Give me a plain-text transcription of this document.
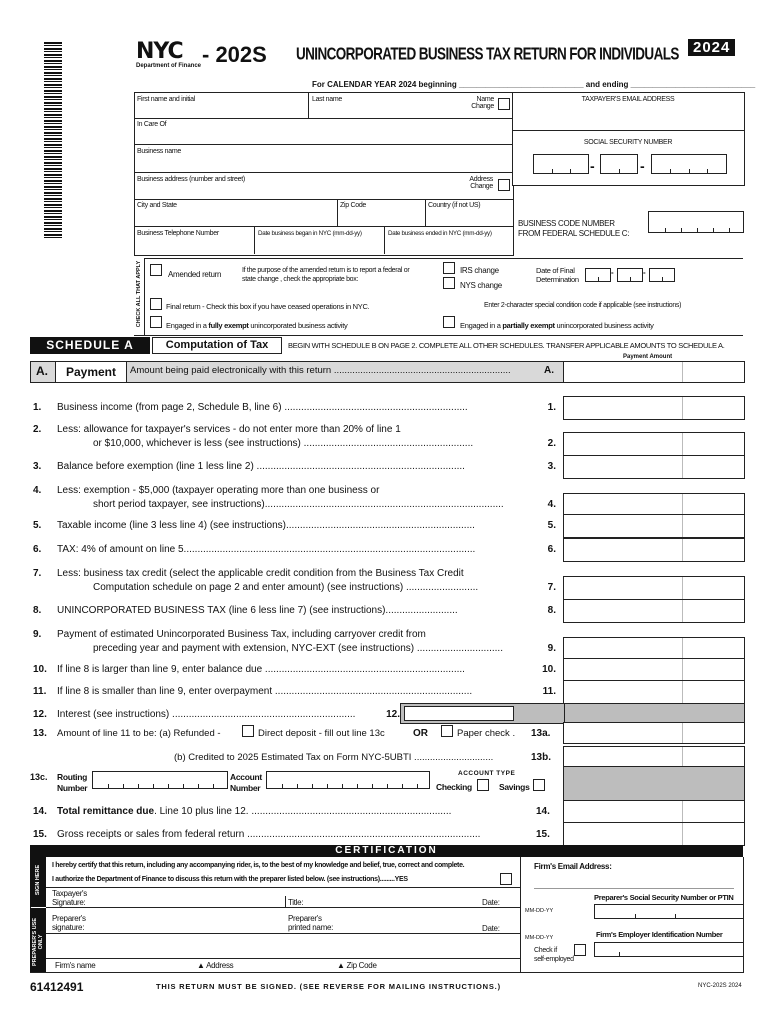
NYC
Department of Finance - 202S UNINCORPORATED BUSINESS TAX RETURN FOR INDIVIDUALS 2024
For CALENDAR YEAR 2024 beginning ____________________________ and ending ____________________________
First name and initial	Last name	Name
Change
In Care Of
Business name
Business address (number and street)	Address
Change
City and State	Zip Code	Country (if not US)
Business Telephone Number	Date business began in NYC (mm-dd-yy)	Date business ended in NYC (mm-dd-yy)
TAXPAYER'S EMAIL ADDRESS
SOCIAL SECURITY NUMBER
-	-
BUSINESS CODE NUMBER
FROM FEDERAL SCHEDULE C:
CHECK ALL THAT APPLY	Amended return	If the purpose of the amended return is to report a federal or state change , check the appropriate box:
IRS change
NYS change
Date of Final
Determination
-	-
Final return - Check this box if you have ceased operations in NYC.	Enter 2-character special condition code if applicable (see instructions)
Engaged in a fully exempt unincorporated business activity	Engaged in a partially exempt unincorporated business activity
SCHEDULE A	Computation of Tax	BEGIN WITH SCHEDULE B ON PAGE 2. COMPLETE ALL OTHER SCHEDULES. TRANSFER APPLICABLE AMOUNTS TO SCHEDULE A.
Payment Amount
A.	Payment	Amount being paid electronically with this return ...................................................................	A.
1. Business income (from page 2, Schedule B, line 6) ..................................................................	1.
2. Less: allowance for taxpayer's services - do not enter more than 20% of line 1
or $10,000, whichever is less (see instructions) .............................................................	2.
3. Balance before exemption (line 1 less line 2) ...........................................................................	3.
4. Less: exemption - $5,000 (taxpayer operating more than one business or
short period taxpayer, see instructions)......................................................................................	4.
5. Taxable income (line 3 less line 4) (see instructions)....................................................................	5.
6. TAX: 4% of amount on line 5.........................................................................................................	6.
7. Less: business tax credit (select the applicable credit condition from the Business Tax Credit
Computation schedule on page 2 and enter amount) (see instructions) ..........................	7.
8. UNINCORPORATED BUSINESS TAX (line 6 less line 7) (see instructions)..........................	8.
9. Payment of estimated Unincorporated Business Tax, including carryover credit from
preceding year and payment with extension, NYC-EXT (see instructions) ...............................	9.
10. If line 8 is larger than line 9, enter balance due ........................................................................	10.
11. If line 8 is smaller than line 9, enter overpayment .......................................................................	11.
12. Interest (see instructions) ..................................................................	12.
13. Amount of line 11 to be: (a) Refunded -	Direct deposit - fill out line 13c	OR	Paper check . 13a.
(b) Credited to 2025 Estimated Tax on Form NYC-5UBTI ..............................	13b.
13c. Routing
Number
Account
Number
ACCOUNT TYPE
Checking	Savings
14. Total remittance due. Line 10 plus line 12. ........................................................................	14.
15. Gross receipts or sales from federal return ....................................................................................	15.
CERTIFICATION
SIGN HERE
PREPARER'S USE ONLY
I hereby certify that this return, including any accompanying rider, is, to the best of my knowledge and belief, true, correct and complete.
I authorize the Department of Finance to discuss this return with the preparer listed below. (see instructions).........YES
Firm's Email Address:
Taxpayer's
Signature:	Title:	Date:
MM-DD-YY
Preparer's Social Security Number or PTIN
Preparer's
signature:
Preparer's
printed name:	Date:
MM-DD-YY	Firm's Employer Identification Number
Check if
self-employed
Firm's name	▲ Address	▲ Zip Code
61412491	THIS RETURN MUST BE SIGNED. (SEE REVERSE FOR MAILING INSTRUCTIONS.)	NYC-202S 2024
